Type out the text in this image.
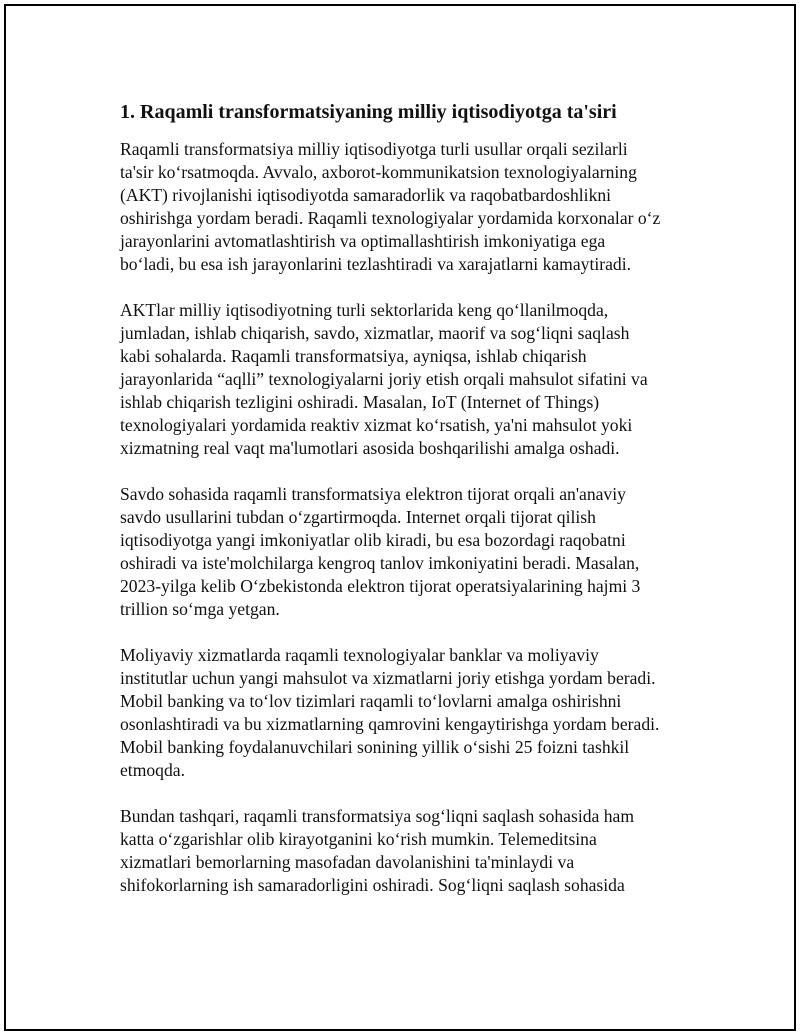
1. Raqamli transformatsiyaning milliy iqtisodiyotga ta'siri

Raqamli transformatsiya milliy iqtisodiyotga turli usullar orqali sezilarli
ta'sir koʻrsatmoqda. Avvalo, axborot-kommunikatsion texnologiyalarning
(AKT) rivojlanishi iqtisodiyotda samaradorlik va raqobatbardoshlikni
oshirishga yordam beradi. Raqamli texnologiyalar yordamida korxonalar oʻz
jarayonlarini avtomatlashtirish va optimallashtirish imkoniyatiga ega
boʻladi, bu esa ish jarayonlarini tezlashtiradi va xarajatlarni kamaytiradi.

AKTlar milliy iqtisodiyotning turli sektorlarida keng qoʻllanilmoqda,
jumladan, ishlab chiqarish, savdo, xizmatlar, maorif va sogʻliqni saqlash
kabi sohalarda. Raqamli transformatsiya, ayniqsa, ishlab chiqarish
jarayonlarida “aqlli” texnologiyalarni joriy etish orqali mahsulot sifatini va
ishlab chiqarish tezligini oshiradi. Masalan, IoT (Internet of Things)
texnologiyalari yordamida reaktiv xizmat koʻrsatish, ya'ni mahsulot yoki
xizmatning real vaqt ma'lumotlari asosida boshqarilishi amalga oshadi.

Savdo sohasida raqamli transformatsiya elektron tijorat orqali an'anaviy
savdo usullarini tubdan oʻzgartirmoqda. Internet orqali tijorat qilish
iqtisodiyotga yangi imkoniyatlar olib kiradi, bu esa bozordagi raqobatni
oshiradi va iste'molchilarga kengroq tanlov imkoniyatini beradi. Masalan,
2023-yilga kelib Oʻzbekistonda elektron tijorat operatsiyalarining hajmi 3
trillion soʻmga yetgan.

Moliyaviy xizmatlarda raqamli texnologiyalar banklar va moliyaviy
institutlar uchun yangi mahsulot va xizmatlarni joriy etishga yordam beradi.
Mobil banking va toʻlov tizimlari raqamli toʻlovlarni amalga oshirishni
osonlashtiradi va bu xizmatlarning qamrovini kengaytirishga yordam beradi.
Mobil banking foydalanuvchilari sonining yillik oʻsishi 25 foizni tashkil
etmoqda.

Bundan tashqari, raqamli transformatsiya sogʻliqni saqlash sohasida ham
katta oʻzgarishlar olib kirayotganini koʻrish mumkin. Telemeditsina
xizmatlari bemorlarning masofadan davolanishini ta'minlaydi va
shifokorlarning ish samaradorligini oshiradi. Sogʻliqni saqlash sohasida
